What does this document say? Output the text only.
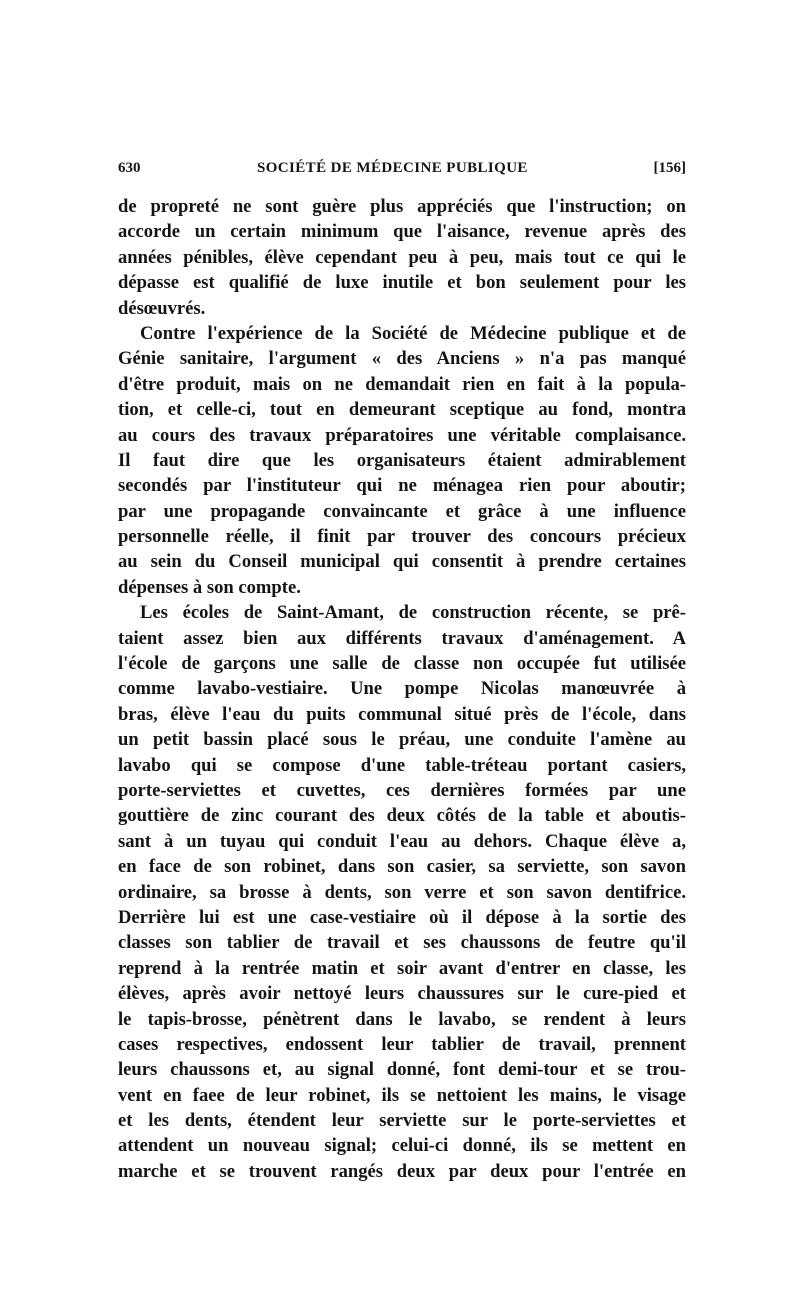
630	SOCIÉTÉ DE MÉDECINE PUBLIQUE	[156]
de propreté ne sont guère plus appréciés que l'instruction; on
accorde un certain minimum que l'aisance, revenue après des
années pénibles, élève cependant peu à peu, mais tout ce qui le
dépasse est qualifié de luxe inutile et bon seulement pour les
désœuvrés.
Contre l'expérience de la Société de Médecine publique et de
Génie sanitaire, l'argument « des Anciens » n'a pas manqué
d'être produit, mais on ne demandait rien en fait à la popula-
tion, et celle-ci, tout en demeurant sceptique au fond, montra
au cours des travaux préparatoires une véritable complaisance.
Il faut dire que les organisateurs étaient admirablement
secondés par l'instituteur qui ne ménagea rien pour aboutir;
par une propagande convaincante et grâce à une influence
personnelle réelle, il finit par trouver des concours précieux
au sein du Conseil municipal qui consentit à prendre certaines
dépenses à son compte.
Les écoles de Saint-Amant, de construction récente, se prê-
taient assez bien aux différents travaux d'aménagement. A
l'école de garçons une salle de classe non occupée fut utilisée
comme lavabo-vestiaire. Une pompe Nicolas manœuvrée à
bras, élève l'eau du puits communal situé près de l'école, dans
un petit bassin placé sous le préau, une conduite l'amène au
lavabo qui se compose d'une table-tréteau portant casiers,
porte-serviettes et cuvettes, ces dernières formées par une
gouttière de zinc courant des deux côtés de la table et aboutis-
sant à un tuyau qui conduit l'eau au dehors. Chaque élève a,
en face de son robinet, dans son casier, sa serviette, son savon
ordinaire, sa brosse à dents, son verre et son savon dentifrice.
Derrière lui est une case-vestiaire où il dépose à la sortie des
classes son tablier de travail et ses chaussons de feutre qu'il
reprend à la rentrée matin et soir avant d'entrer en classe, les
élèves, après avoir nettoyé leurs chaussures sur le cure-pied et
le tapis-brosse, pénètrent dans le lavabo, se rendent à leurs
cases respectives, endossent leur tablier de travail, prennent
leurs chaussons et, au signal donné, font demi-tour et se trou-
vent en faee de leur robinet, ils se nettoient les mains, le visage
et les dents, étendent leur serviette sur le porte-serviettes et
attendent un nouveau signal; celui-ci donné, ils se mettent en
marche et se trouvent rangés deux par deux pour l'entrée en
